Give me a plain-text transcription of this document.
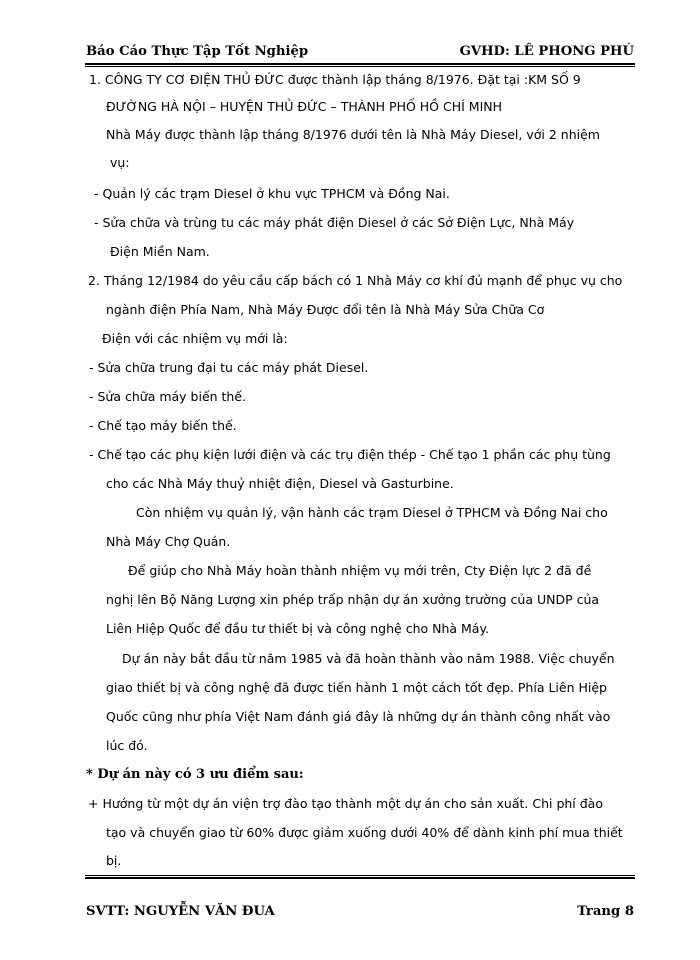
Báo Cáo Thực Tập Tốt Nghiệp	GVHD: LÊ PHONG PHÚ
1. CÔNG TY CƠ ĐIỆN THỦ ĐỨC được thành lập tháng 8/1976. Đặt tại :KM SỐ 9
ĐƯỜNG HÀ NỘI – HUYỆN THỦ ĐỨC – THÀNH PHỐ HỒ CHÍ MINH
Nhà Máy được thành lập tháng 8/1976 dưới tên là Nhà Máy Diesel, với 2 nhiệm
vụ:
- Quản lý các trạm Diesel ở khu vực TPHCM và Đồng Nai.
- Sửa chữa và trùng tu các máy phát điện Diesel ở các Sở Điện Lực, Nhà Máy
Điện Miền Nam.
2. Tháng 12/1984 do yêu cầu cấp bách có 1 Nhà Máy cơ khí đủ mạnh để phục vụ cho
ngành điện Phía Nam, Nhà Máy Được đổi tên là Nhà Máy Sửa Chữa Cơ
Điện với các nhiệm vụ mới là:
- Sửa chữa trung đại tu các máy phát Diesel.
- Sửa chữa máy biến thế.
- Chế tạo máy biến thế.
- Chế tạo các phụ kiện lưới điện và các trụ điện thép - Chế tạo 1 phần các phụ tùng
cho các Nhà Máy thuỷ nhiệt điện, Diesel và Gasturbine.
Còn nhiệm vụ quản lý, vận hành các trạm Diesel ở TPHCM và Đồng Nai cho
Nhà Máy Chợ Quán.
Để giúp cho Nhà Máy hoàn thành nhiệm vụ mới trên, Cty Điện lực 2 đã đề
nghị lên Bộ Năng Lượng xin phép trấp nhận dự án xưởng trường của UNDP của
Liên Hiệp Quốc để đầu tư thiết bị và công nghệ cho Nhà Máy.
Dự án này bắt đầu từ năm 1985 và đã hoàn thành vào năm 1988. Việc chuyển
giao thiết bị và công nghệ đã được tiến hành 1 một cách tốt đẹp. Phía Liên Hiệp
Quốc cũng như phía Việt Nam đánh giá đây là những dự án thành công nhất vào
lúc đó.
* Dự án này có 3 ưu điểm sau:
+ Hướng từ một dự án viện trợ đào tạo thành một dự án cho sản xuất. Chi phí đào
tạo và chuyển giao từ 60% được giảm xuống dưới 40% để dành kinh phí mua thiết
bị.
SVTT: NGUYỄN VĂN ĐUA	Trang 8
